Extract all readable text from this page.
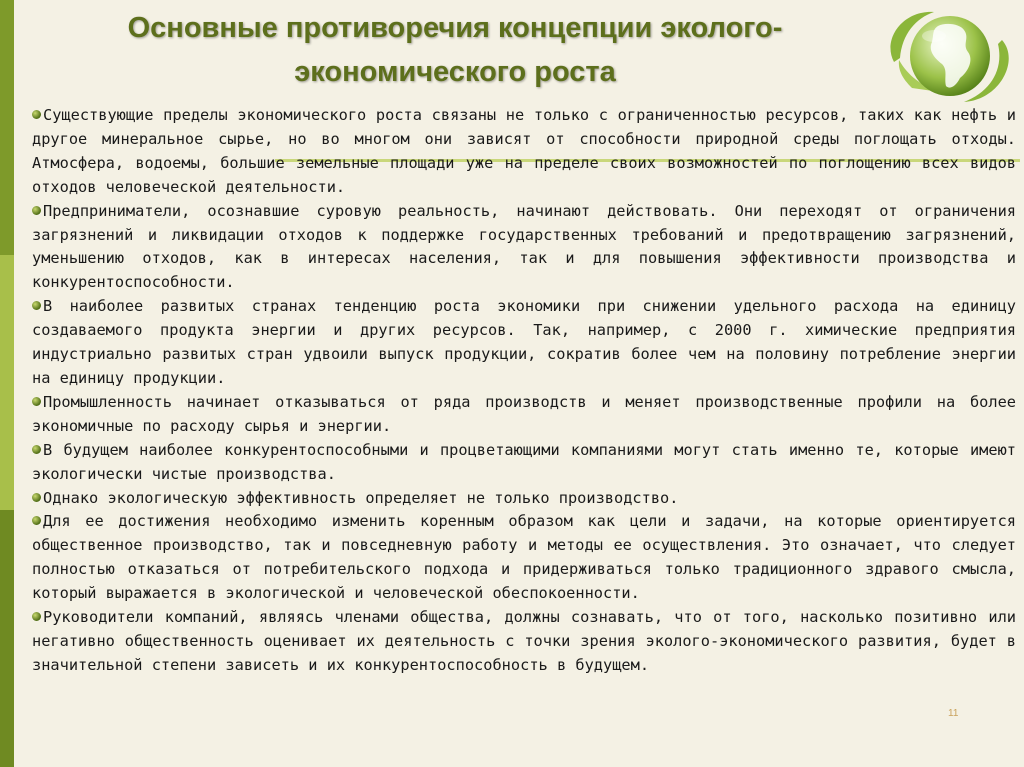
Основные противоречия концепции эколого-
экономического роста

Существующие пределы экономического роста связаны не только с ограниченностью ресурсов, таких как нефть и другое минеральное сырье, но во многом они зависят от способности природной среды поглощать отходы. Атмосфера, водоемы, большие земельные площади уже на пределе своих возможностей по поглощению всех видов отходов человеческой деятельности.

Предприниматели, осознавшие суровую реальность, начинают действовать. Они переходят от ограничения загрязнений и ликвидации отходов к поддержке государственных требований и предотвращению загрязнений, уменьшению отходов, как в интересах населения, так и для повышения эффективности производства и конкурентоспособности.

В наиболее развитых странах тенденцию роста экономики при снижении удельного расхода на единицу создаваемого продукта энергии и других ресурсов. Так, например, с 2000 г. химические предприятия индустриально развитых стран удвоили выпуск продукции, сократив более чем на половину потребление энергии на единицу продукции.

Промышленность начинает отказываться от ряда производств и меняет производственные профили на более экономичные по расходу сырья и энергии.

В будущем наиболее конкурентоспособными и процветающими компаниями могут стать именно те, которые имеют экологически чистые производства.

Однако экологическую эффективность определяет не только производство.

Для ее достижения необходимо изменить коренным образом как цели и задачи, на которые ориентируется общественное производство, так и повседневную работу и методы ее осуществления. Это означает, что следует полностью отказаться от потребительского подхода и придерживаться только традиционного здравого смысла, который выражается в экологической и человеческой обеспокоенности.

Руководители компаний, являясь членами общества, должны сознавать, что от того, насколько позитивно или негативно общественность оценивает их деятельность с точки зрения эколого-экономического развития, будет в значительной степени зависеть и их конкурентоспособность в будущем.

11
